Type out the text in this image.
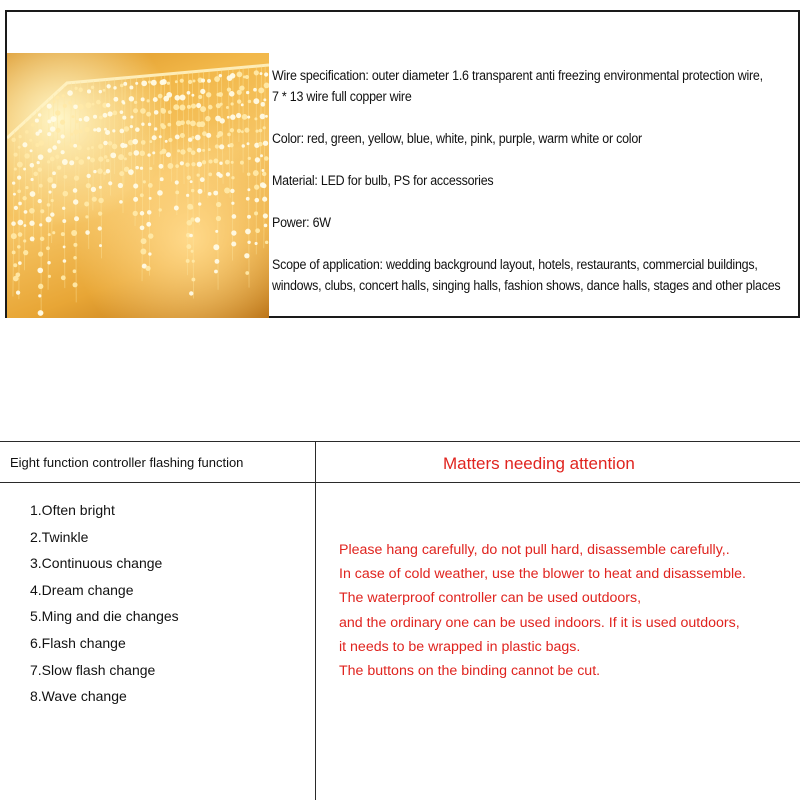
Wire specification: outer diameter 1.6 transparent anti freezing environmental protection wire,

7 * 13 wire full copper wire

Color: red, green, yellow, blue, white, pink, purple, warm white or color

Material: LED for bulb, PS for accessories

Power: 6W

Scope of application: wedding background layout, hotels, restaurants, commercial buildings,

windows, clubs, concert halls, singing halls, fashion shows, dance halls, stages and other places

Eight function controller flashing function	Matters needing attention
1.Often bright
2.Twinkle
3.Continuous change
4.Dream change
5.Ming and die changes
6.Flash change
7.Slow flash change
8.Wave change
Please hang carefully, do not pull hard, disassemble carefully,.
In case of cold weather, use the blower to heat and disassemble.
The waterproof controller can be used outdoors,
and the ordinary one can be used indoors. If it is used outdoors,
it needs to be wrapped in plastic bags.
The buttons on the binding cannot be cut.
